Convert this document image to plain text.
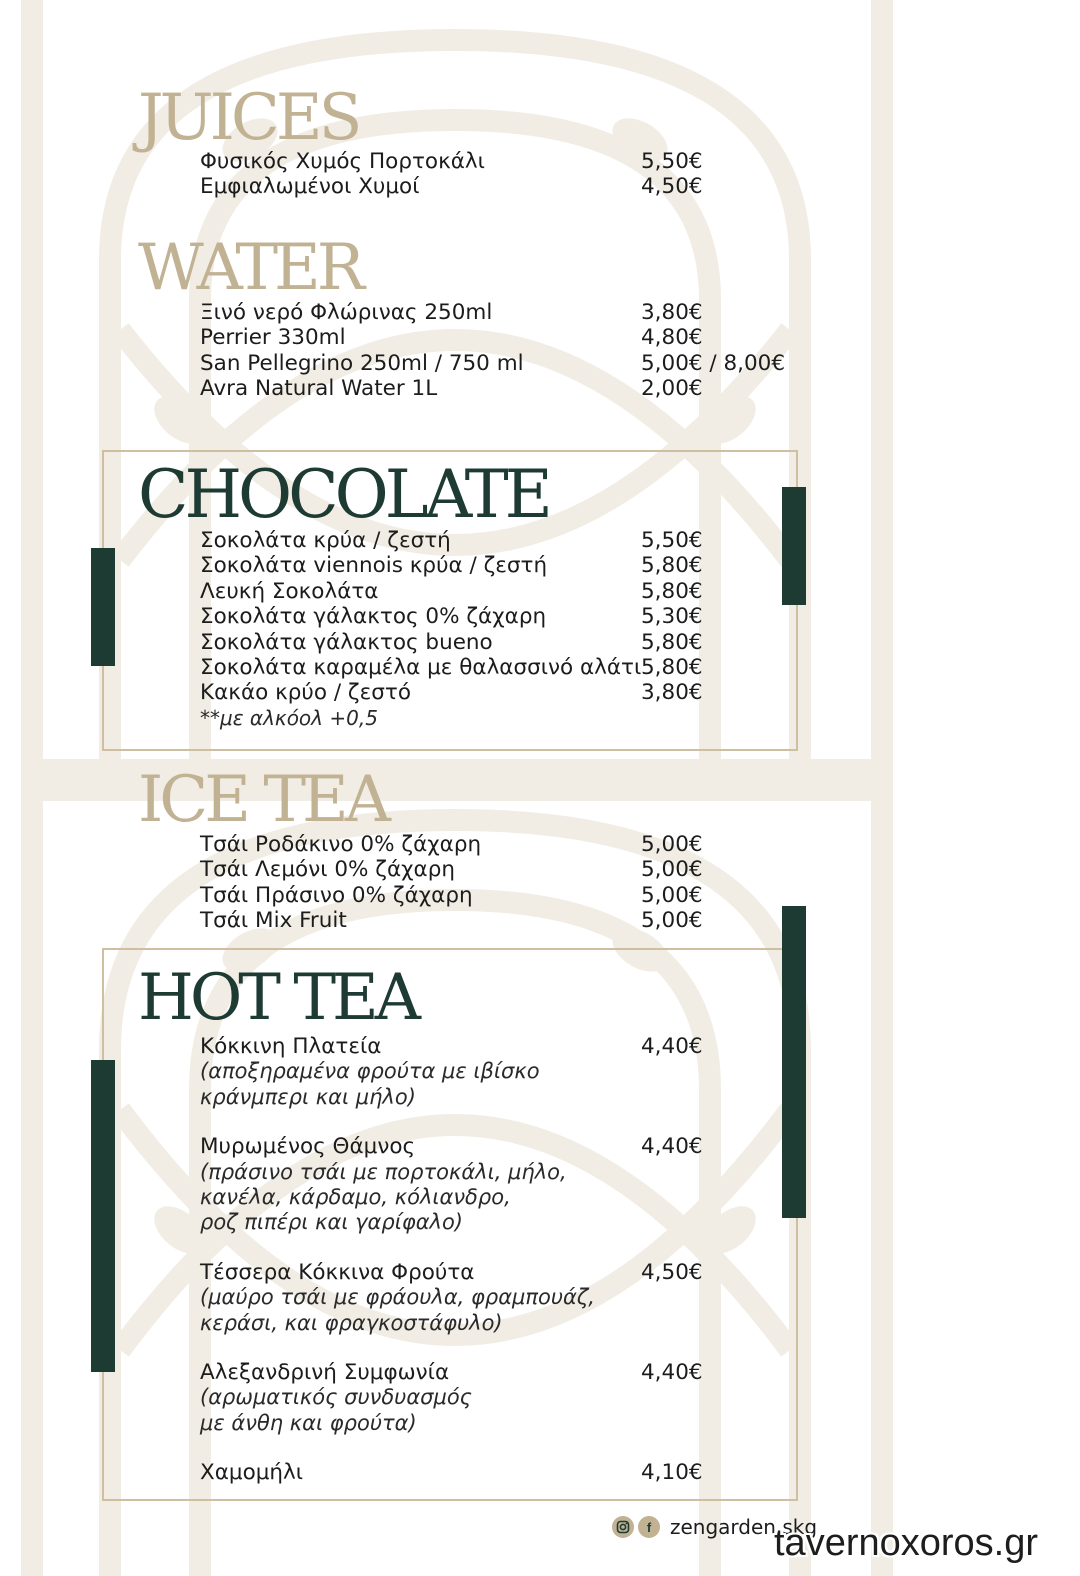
JUICES
Φυσικός Χυμός Πορτοκάλι	5,50€
Εμφιαλωμένοι Χυμοί	4,50€
WATER
Ξινό νερό Φλώρινας 250ml	3,80€
Perrier 330ml	4,80€
San Pellegrino 250ml / 750 ml	5,00€ / 8,00€
Avra Natural Water 1L	2,00€
CHOCOLATE
Σοκολάτα κρύα / ζεστή	5,50€
Σοκολάτα viennois κρύα / ζεστή	5,80€
Λευκή Σοκολάτα	5,80€
Σοκολάτα γάλακτος 0% ζάχαρη	5,30€
Σοκολάτα γάλακτος bueno	5,80€
Σοκολάτα καραμέλα με θαλασσινό αλάτι 5,80€
Κακάο κρύο / ζεστό	3,80€
**με αλκόολ +0,5
ICE TEA
Τσάι Ροδάκινο 0% ζάχαρη	5,00€
Τσάι Λεμόνι 0% ζάχαρη	5,00€
Τσάι Πράσινο 0% ζάχαρη	5,00€
Τσάι Mix Fruit	5,00€
HOT TEA
Κόκκινη Πλατεία	4,40€
(αποξηραμένα φρούτα με ιβίσκο
κράνμπερι και μήλο)
Μυρωμένος Θάμνος	4,40€
(πράσινο τσάι με πορτοκάλι, μήλο,
κανέλα, κάρδαμο, κόλιανδρο,
ροζ πιπέρι και γαρίφαλο)
Τέσσερα Κόκκινα Φρούτα	4,50€
(μαύρο τσάι με φράουλα, φραμπουάζ,
κεράσι, και φραγκοστάφυλο)
Αλεξανδρινή Συμφωνία	4,40€
(αρωματικός συνδυασμός
με άνθη και φρούτα)
Χαμομήλι	4,10€
f zengarden.skg
tavernoxoros.gr
